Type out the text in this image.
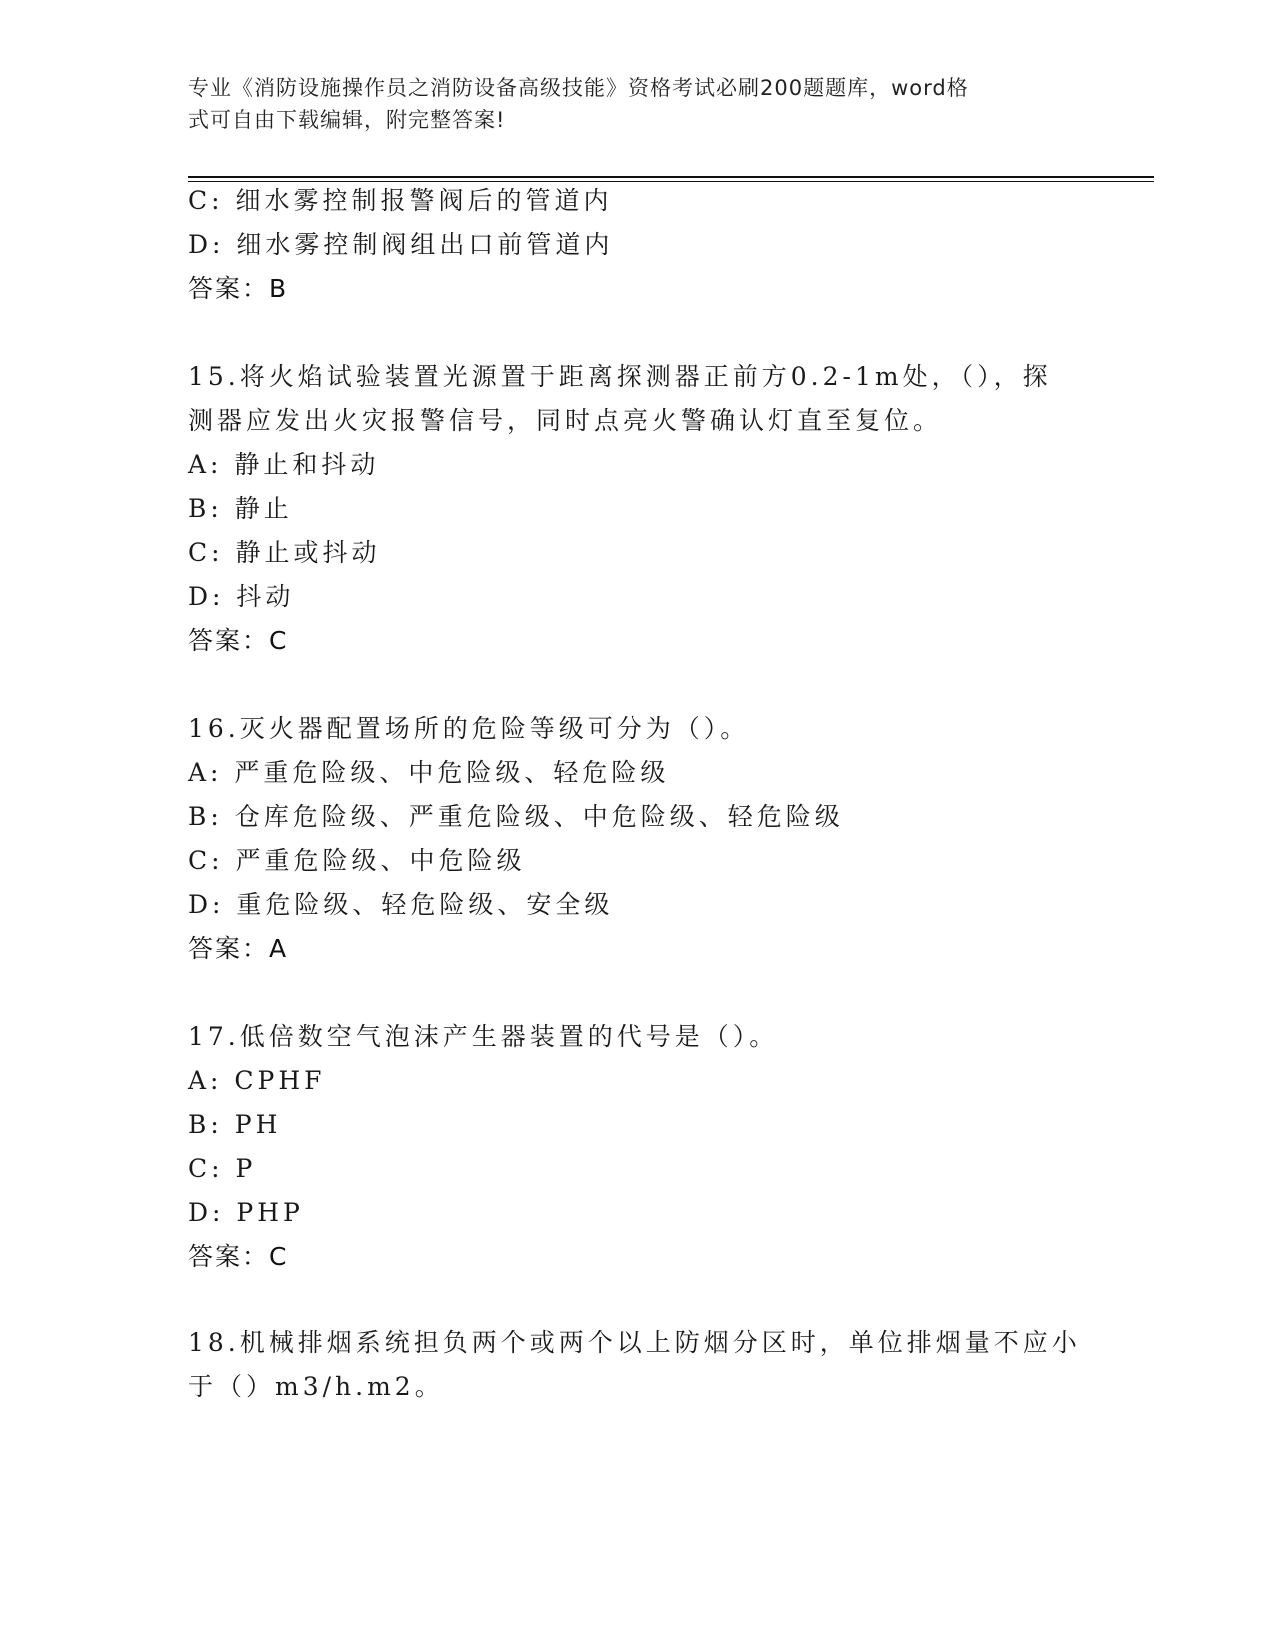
专业《消防设施操作员之消防设备高级技能》资格考试必刷200题题库，word格
式可自由下载编辑，附完整答案!
C: 细水雾控制报警阀后的管道内
D: 细水雾控制阀组出口前管道内
答案：B
15.将火焰试验装置光源置于距离探测器正前方0.2-1m处，（），探
测器应发出火灾报警信号，同时点亮火警确认灯直至复位。
A: 静止和抖动
B: 静止
C: 静止或抖动
D: 抖动
答案：C
16.灭火器配置场所的危险等级可分为（）。
A: 严重危险级、中危险级、轻危险级
B: 仓库危险级、严重危险级、中危险级、轻危险级
C: 严重危险级、中危险级
D: 重危险级、轻危险级、安全级
答案：A
17.低倍数空气泡沫产生器装置的代号是（）。
A: CPHF
B: PH
C: P
D: PHP
答案：C
18.机械排烟系统担负两个或两个以上防烟分区时，单位排烟量不应小
于（）m3/h.m2。
